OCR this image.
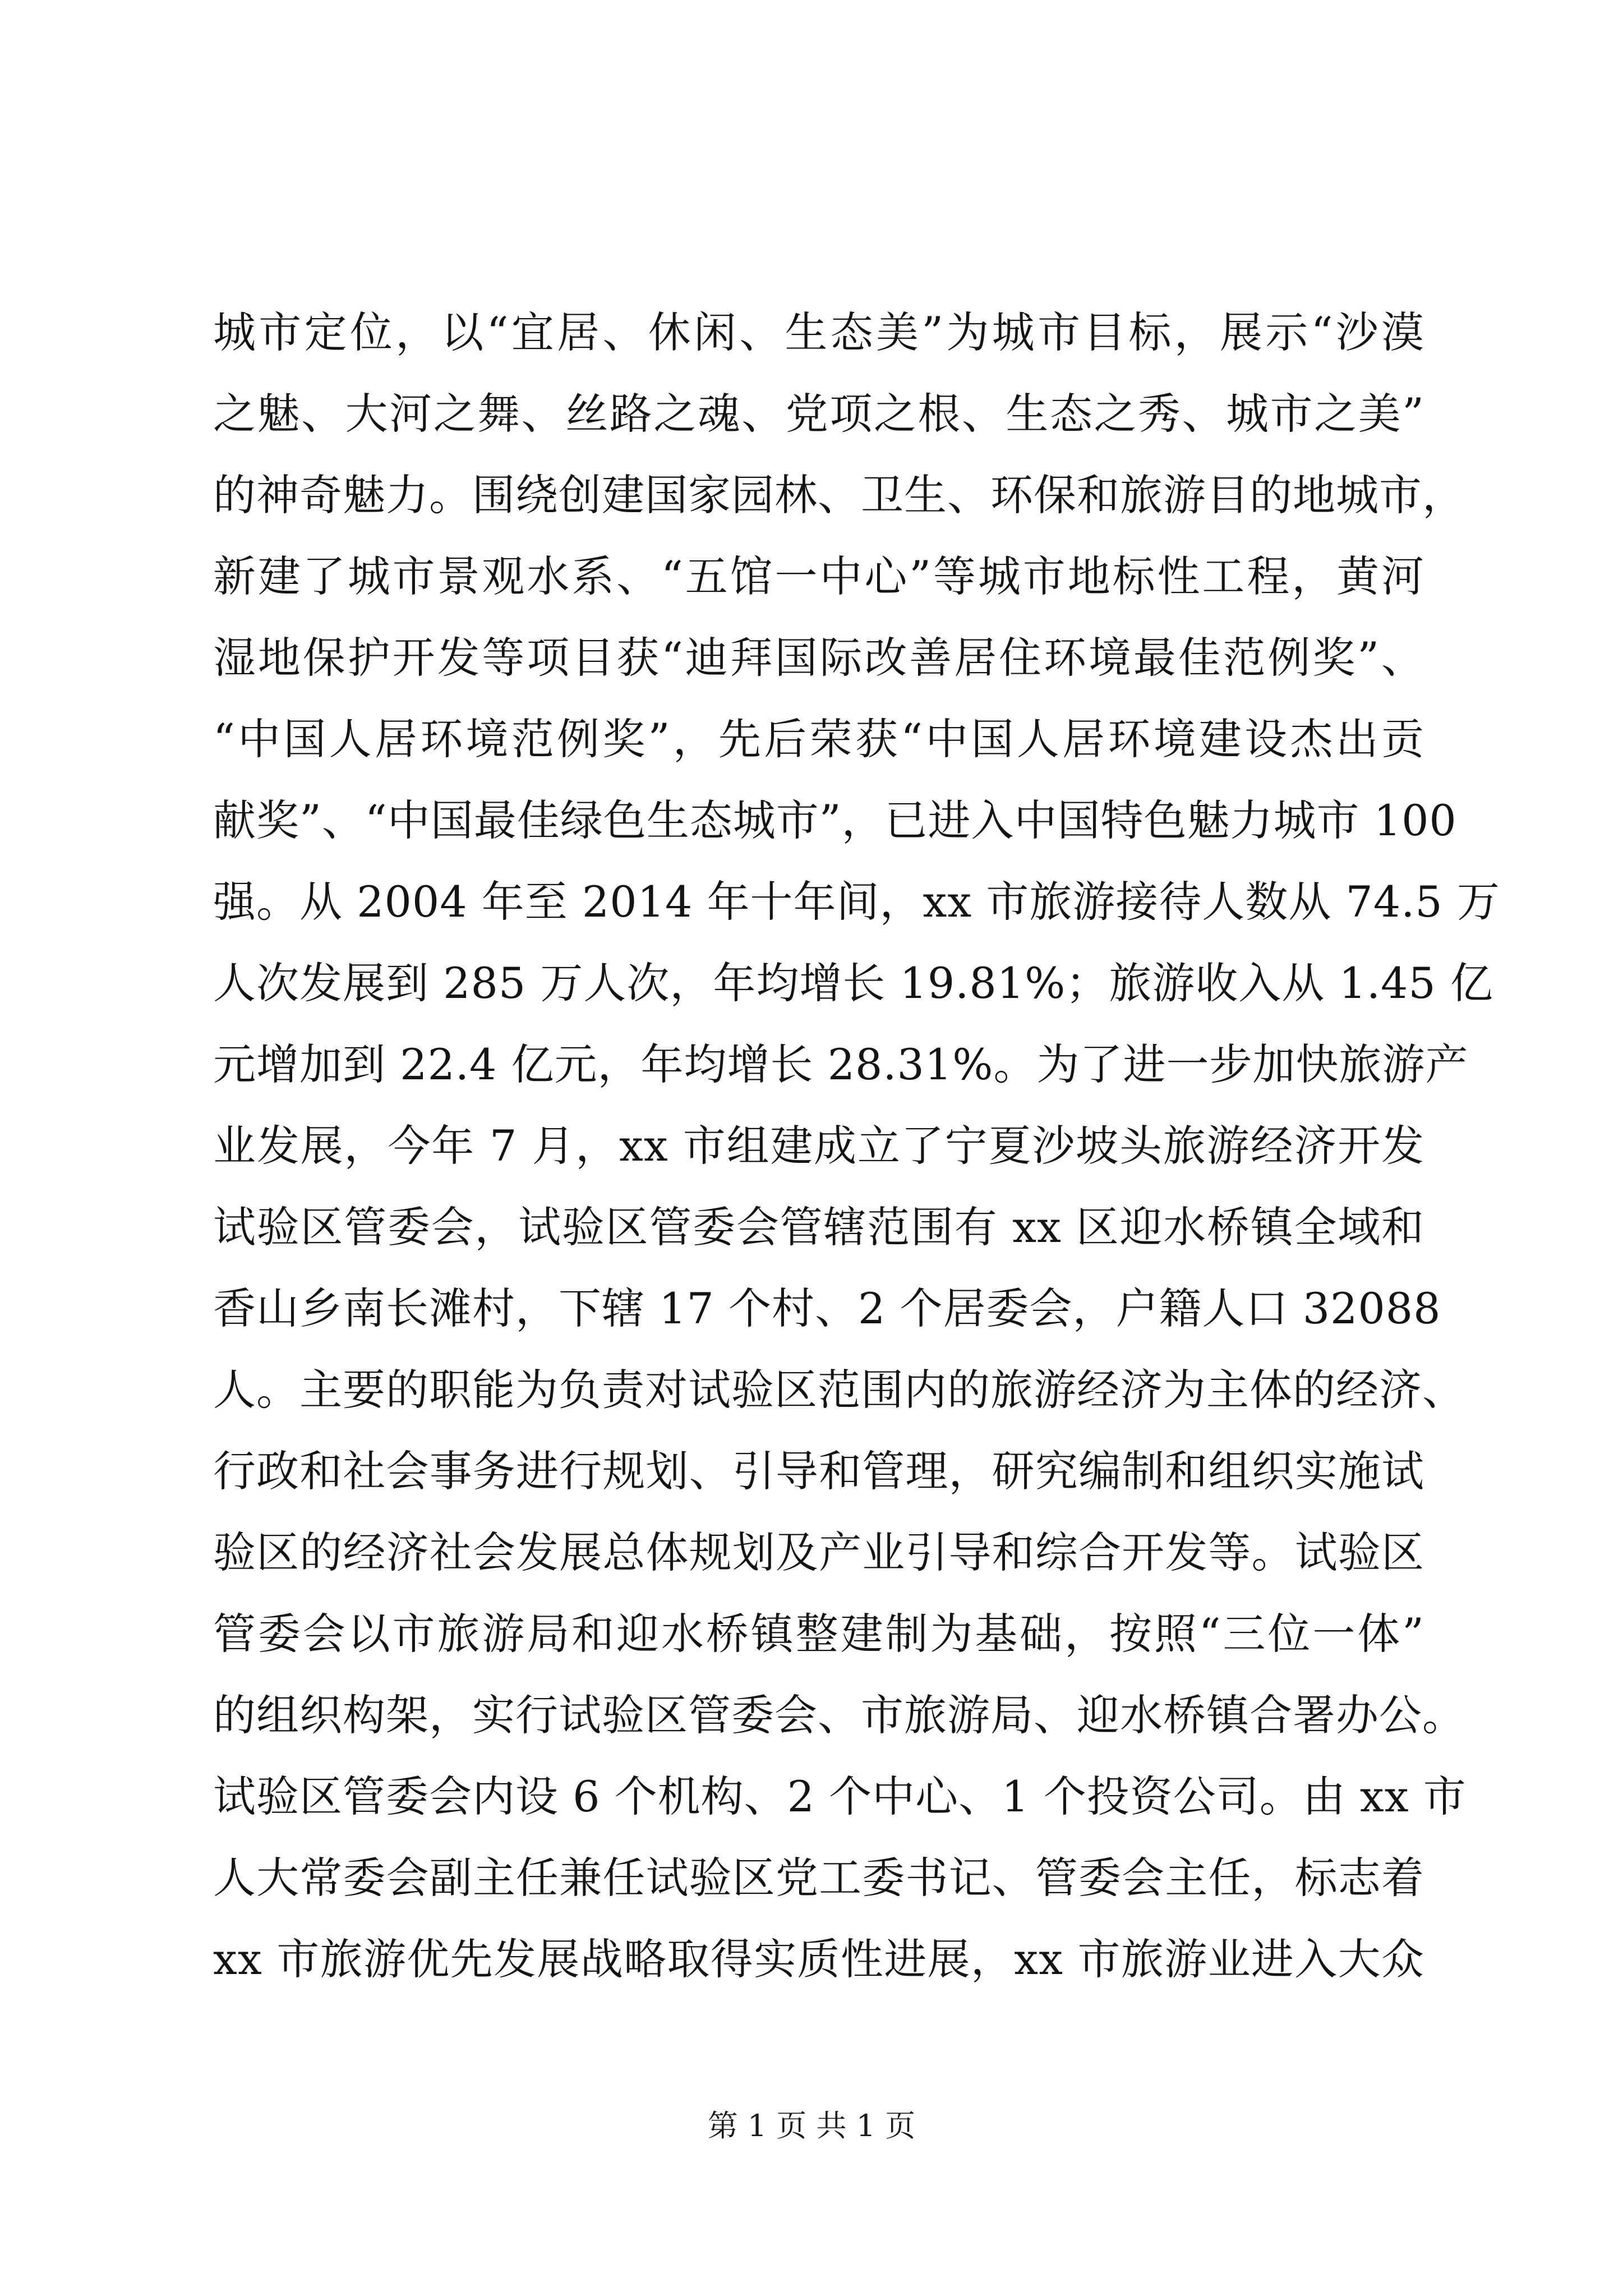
城市定位，以“宜居、休闲、生态美”为城市目标，展示“沙漠
之魅、大河之舞、丝路之魂、党项之根、生态之秀、城市之美”
的神奇魅力。围绕创建国家园林、卫生、环保和旅游目的地城市，
新建了城市景观水系、“五馆一中心”等城市地标性工程，黄河
湿地保护开发等项目获“迪拜国际改善居住环境最佳范例奖”、
“中国人居环境范例奖”，先后荣获“中国人居环境建设杰出贡
献奖”、“中国最佳绿色生态城市”，已进入中国特色魅力城市 100
强。从 2004 年至 2014 年十年间，xx 市旅游接待人数从 74.5 万
人次发展到 285 万人次，年均增长 19.81%；旅游收入从 1.45 亿
元增加到 22.4 亿元，年均增长 28.31%。为了进一步加快旅游产
业发展，今年 7 月，xx 市组建成立了宁夏沙坡头旅游经济开发
试验区管委会，试验区管委会管辖范围有 xx 区迎水桥镇全域和
香山乡南长滩村，下辖 17 个村、2 个居委会，户籍人口 32088
人。主要的职能为负责对试验区范围内的旅游经济为主体的经济、
行政和社会事务进行规划、引导和管理，研究编制和组织实施试
验区的经济社会发展总体规划及产业引导和综合开发等。试验区
管委会以市旅游局和迎水桥镇整建制为基础，按照“三位一体”
的组织构架，实行试验区管委会、市旅游局、迎水桥镇合署办公。
试验区管委会内设 6 个机构、2 个中心、1 个投资公司。由 xx 市
人大常委会副主任兼任试验区党工委书记、管委会主任，标志着
xx 市旅游优先发展战略取得实质性进展，xx 市旅游业进入大众
第 1 页 共 1 页
